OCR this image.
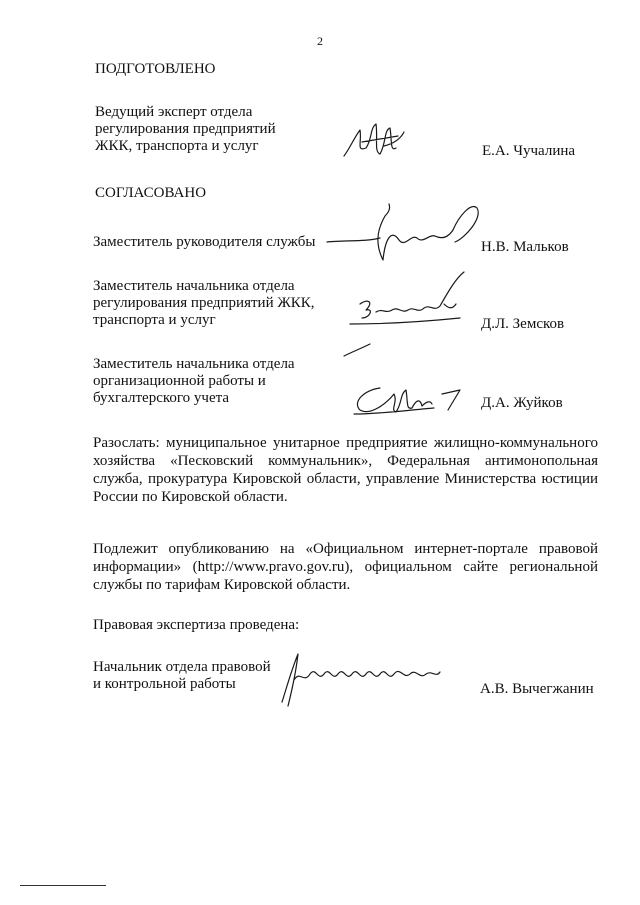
2
ПОДГОТОВЛЕНО
Ведущий эксперт отдела
регулирования предприятий
ЖКК, транспорта и услуг	Е.А. Чучалина
СОГЛАСОВАНО
Заместитель руководителя службы	Н.В. Мальков
Заместитель начальника отдела
регулирования предприятий ЖКК,
транспорта и услуг	Д.Л. Земсков
Заместитель начальника отдела
организационной работы и
бухгалтерского учета	Д.А. Жуйков
Разослать: муниципальное унитарное предприятие жилищно-коммунального хозяйства «Песковский коммунальник», Федеральная антимонопольная служба, прокуратура Кировской области, управление Министерства юстиции России по Кировской области.
Подлежит опубликованию на «Официальном интернет-портале правовой информации» (http://www.pravo.gov.ru), официальном сайте региональной службы по тарифам Кировской области.
Правовая экспертиза проведена:
Начальник отдела правовой
и контрольной работы	А.В. Вычегжанин
